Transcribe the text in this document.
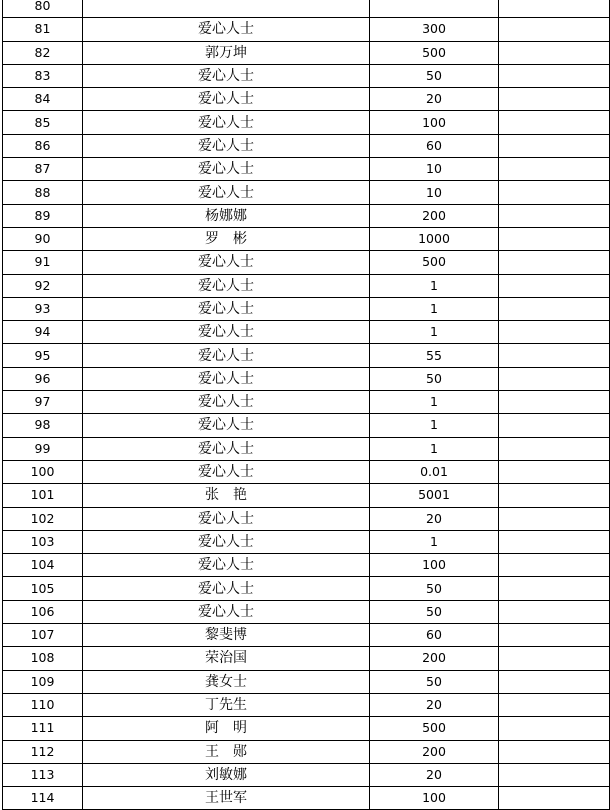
80			
81	爱心人士	300	
82	郭万坤	500	
83	爱心人士	50	
84	爱心人士	20	
85	爱心人士	100	
86	爱心人士	60	
87	爱心人士	10	
88	爱心人士	10	
89	杨娜娜	200	
90	罗　彬	1000	
91	爱心人士	500	
92	爱心人士	1	
93	爱心人士	1	
94	爱心人士	1	
95	爱心人士	55	
96	爱心人士	50	
97	爱心人士	1	
98	爱心人士	1	
99	爱心人士	1	
100	爱心人士	0.01	
101	张　艳	5001	
102	爱心人士	20	
103	爱心人士	1	
104	爱心人士	100	
105	爱心人士	50	
106	爱心人士	50	
107	黎斐博	60	
108	荣治国	200	
109	龚女士	50	
110	丁先生	20	
111	阿　明	500	
112	王　郧	200	
113	刘敏娜	20	
114	王世军	100	
